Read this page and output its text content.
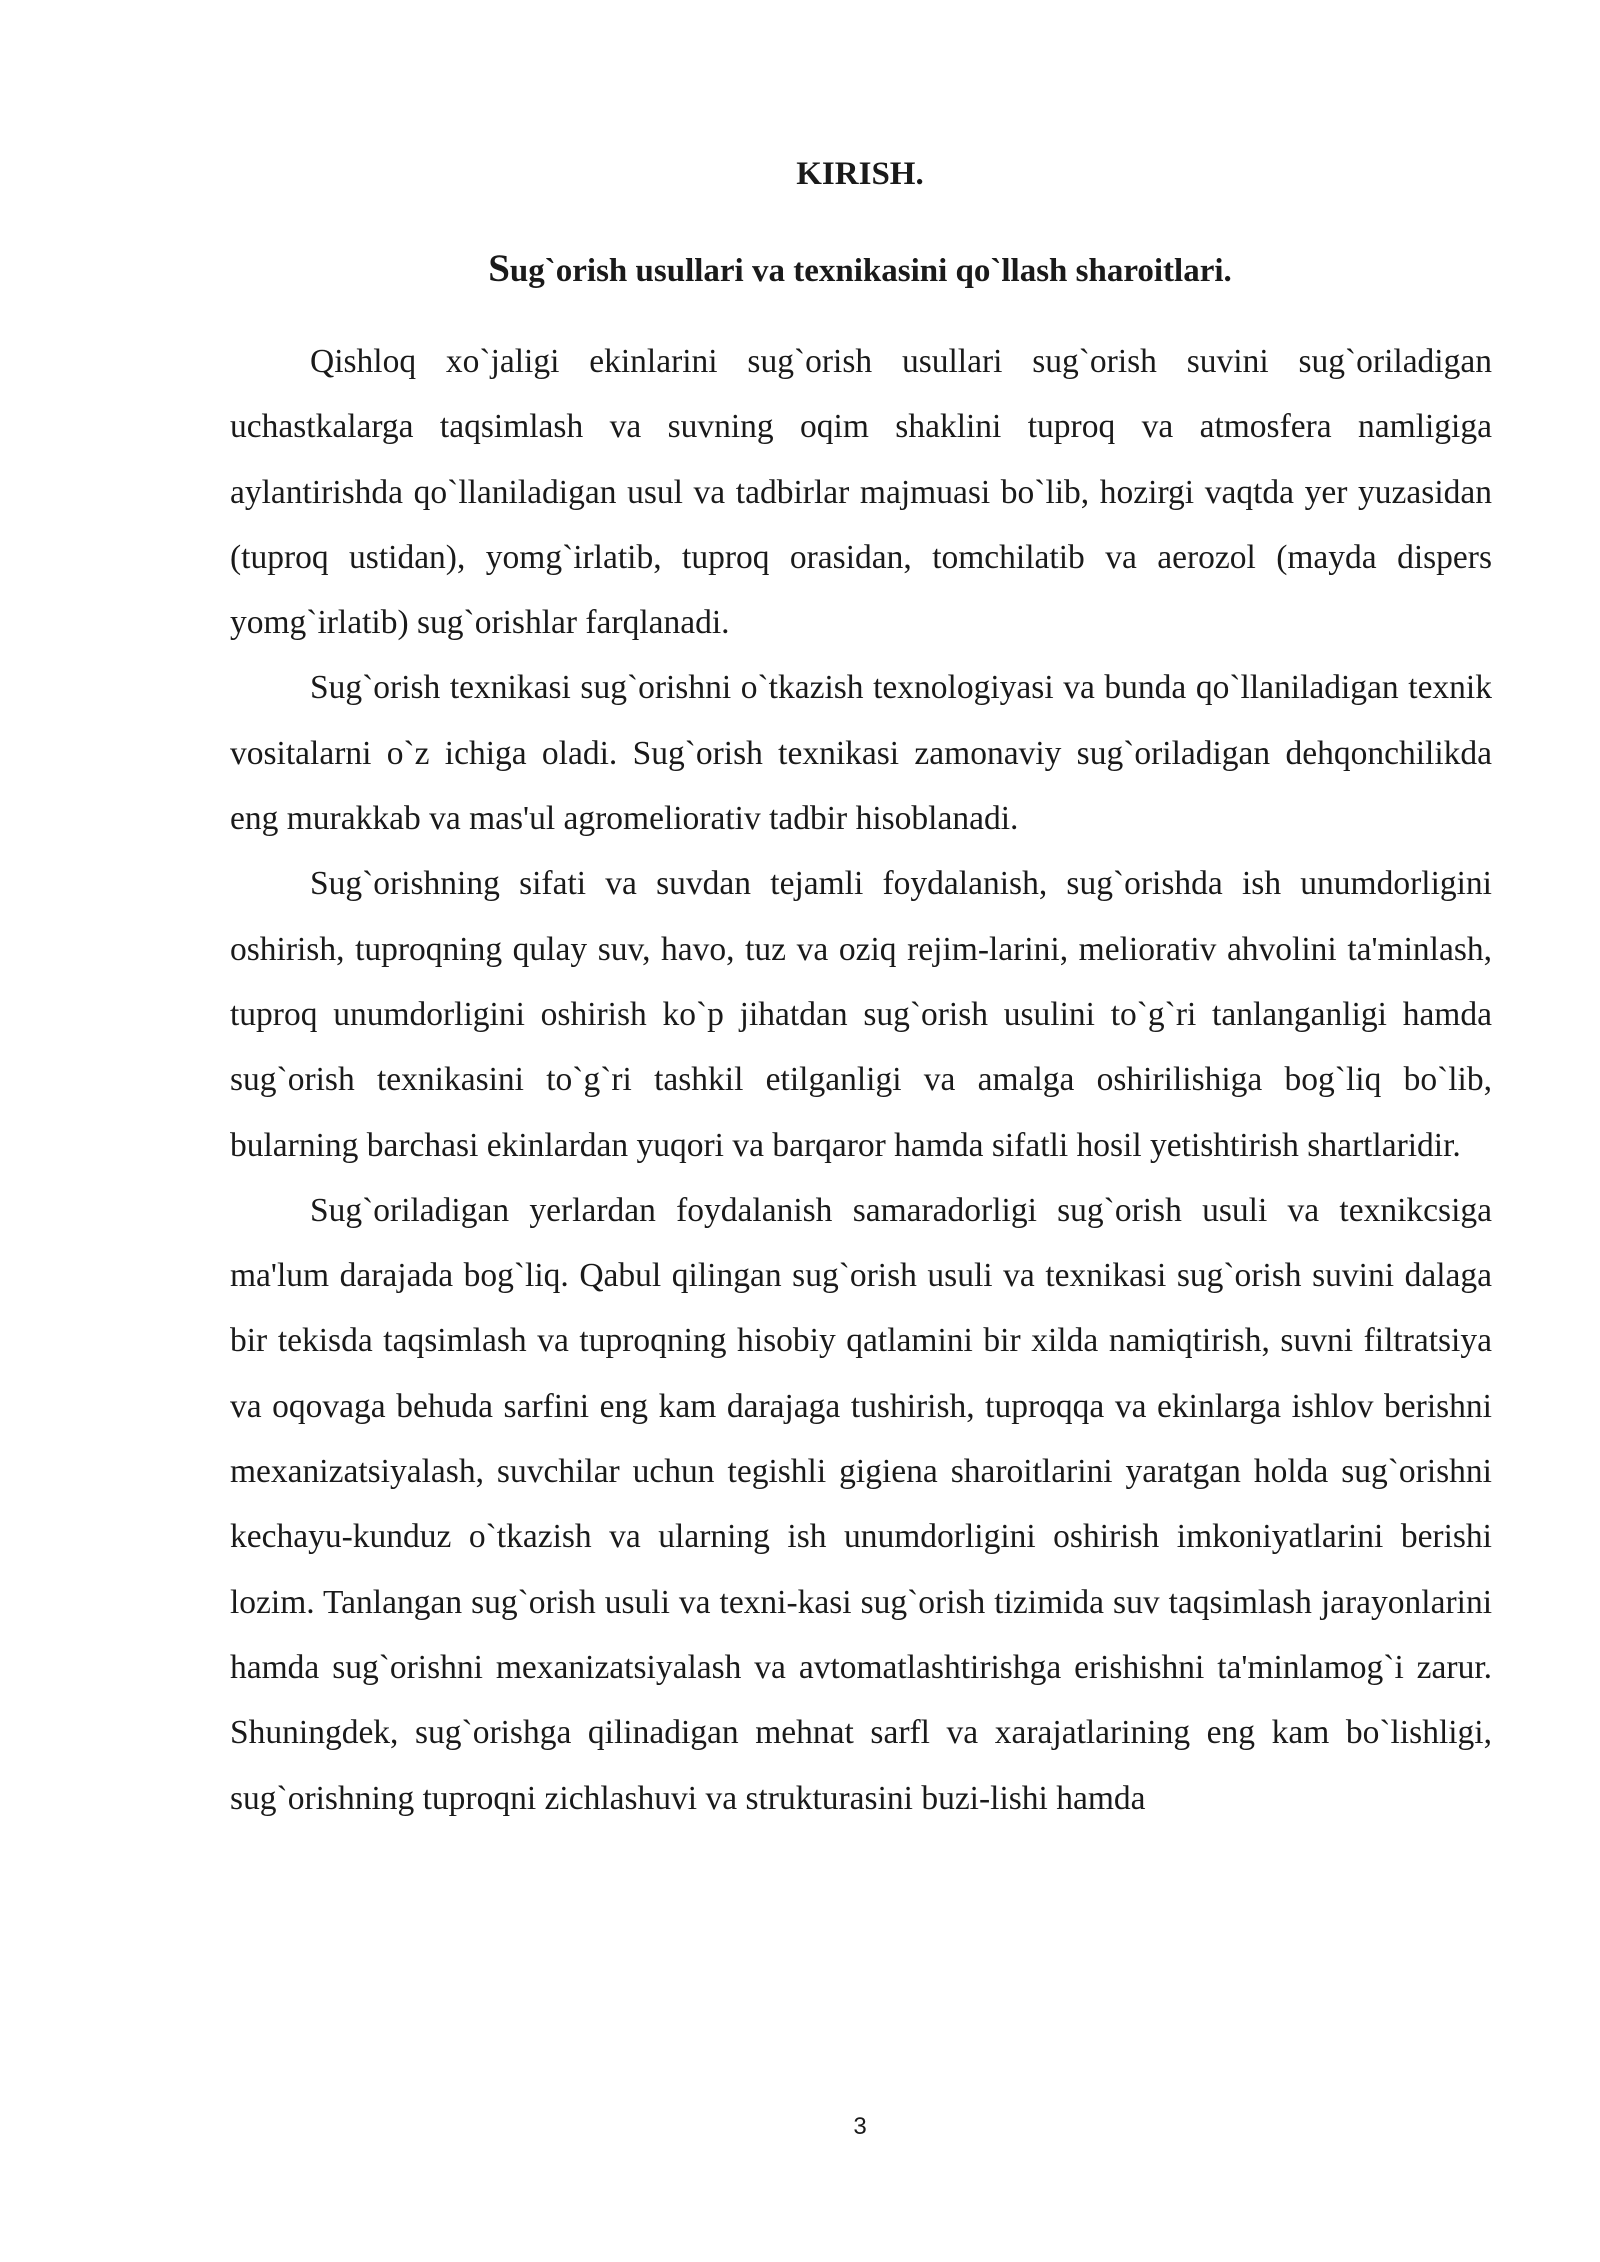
KIRISH.
Sug`orish usullari va texnikasini qo`llash sharoitlari.

Qishloq xo`jaligi ekinlarini sug`orish usullari sug`orish suvini sug`oriladigan uchastkalarga taqsimlash va suvning oqim shaklini tuproq va atmosfera namligiga aylantirishda qo`llaniladigan usul va tadbirlar majmuasi bo`lib, hozirgi vaqtda yer yuzasidan (tuproq ustidan), yomg`irlatib, tuproq orasidan, tomchilatib va aerozol (mayda dispers yomg`irlatib) sug`orishlar farqlanadi.

Sug`orish texnikasi sug`orishni o`tkazish texnologiyasi va bunda qo`llaniladigan texnik vositalarni o`z ichiga oladi. Sug`orish texnikasi zamonaviy sug`oriladigan dehqonchilikda eng murakkab va mas'ul agromeliorativ tadbir hisoblanadi.

Sug`orishning sifati va suvdan tejamli foydalanish, sug`orishda ish unumdorligini oshirish, tuproqning qulay suv, havo, tuz va oziq rejim-larini, meliorativ ahvolini ta'minlash, tuproq unumdorligini oshirish ko`p jihatdan sug`orish usulini to`g`ri tanlanganligi hamda sug`orish texnikasini to`g`ri tashkil etilganligi va amalga oshirilishiga bog`liq bo`lib, bularning barchasi ekinlardan yuqori va barqaror hamda sifatli hosil yetishtirish shartlaridir.

Sug`oriladigan yerlardan foydalanish samaradorligi sug`orish usuli va texnikcsiga ma'lum darajada bog`liq. Qabul qilingan sug`orish usuli va texnikasi sug`orish suvini dalaga bir tekisda taqsimlash va tuproqning hisobiy qatlamini bir xilda namiqtirish, suvni filtratsiya va oqovaga behuda sarfini eng kam darajaga tushirish, tuproqqa va ekinlarga ishlov berishni mexanizatsiyalash, suvchilar uchun tegishli gigiena sharoitlarini yaratgan holda sug`orishni kechayu-kunduz o`tkazish va ularning ish unumdorligini oshirish imkoniyatlarini berishi lozim. Tanlangan sug`orish usuli va texni-kasi sug`orish tizimida suv taqsimlash jarayonlarini hamda sug`orishni mexanizatsiyalash va avtomatlashtirishga erishishni ta'minlamog`i zarur. Shuningdek, sug`orishga qilinadigan mehnat sarfl va xarajatlarining eng kam bo`lishligi, sug`orishning tuproqni zichlashuvi va strukturasini buzi-lishi hamda

3
